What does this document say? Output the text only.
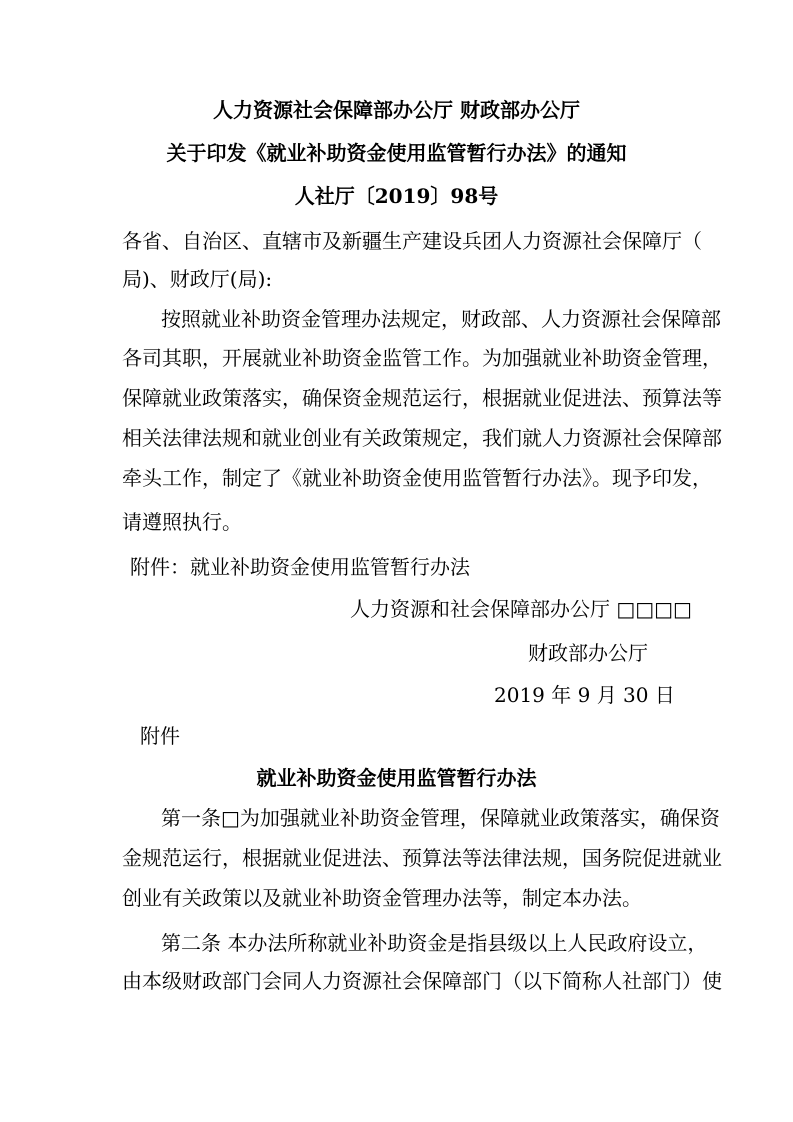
人力资源社会保障部办公厅 财政部办公厅
关于印发《就业补助资金使用监管暂行办法》的通知
人社厅〔2019〕98号
各省、自治区、直辖市及新疆生产建设兵团人力资源社会保障厅（
局)、财政厅(局):
按照就业补助资金管理办法规定，财政部、人力资源社会保障部
各司其职，开展就业补助资金监管工作。为加强就业补助资金管理，
保障就业政策落实，确保资金规范运行，根据就业促进法、预算法等
相关法律法规和就业创业有关政策规定，我们就人力资源社会保障部
牵头工作，制定了《就业补助资金使用监管暂行办法》。现予印发，
请遵照执行。
附件：就业补助资金使用监管暂行办法
人力资源和社会保障部办公厅 □□□□
财政部办公厅
2019 年 9 月 30 日
附件
就业补助资金使用监管暂行办法
第一条□为加强就业补助资金管理，保障就业政策落实，确保资
金规范运行，根据就业促进法、预算法等法律法规，国务院促进就业
创业有关政策以及就业补助资金管理办法等，制定本办法。
第二条 本办法所称就业补助资金是指县级以上人民政府设立，
由本级财政部门会同人力资源社会保障部门（以下简称人社部门）使
